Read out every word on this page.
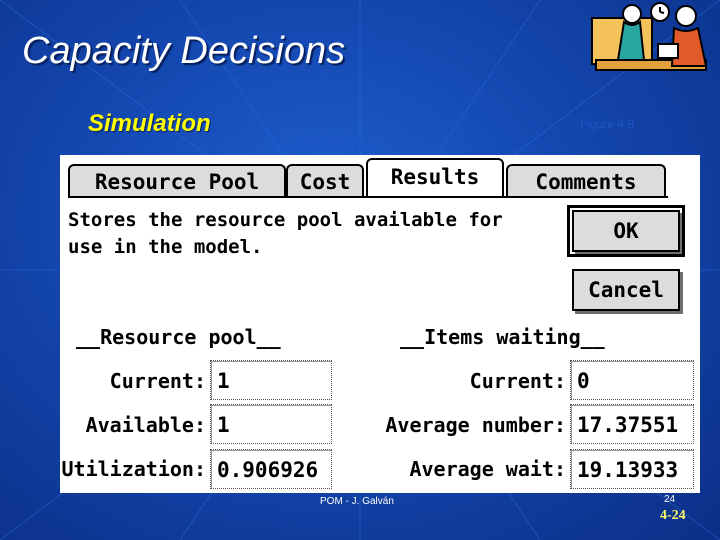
Capacity Decisions
Simulation	Figure 4.8
Resource Pool	Cost	Results	Comments
Stores the resource pool available for
use in the model.
OK
Cancel
__Resource pool__	__Items waiting__
Current: 1
Available: 1
Utilization: 0.906926
Current: 0
Average number: 17.37551
Average wait: 19.13933
POM - J. Galván	24
4-24
